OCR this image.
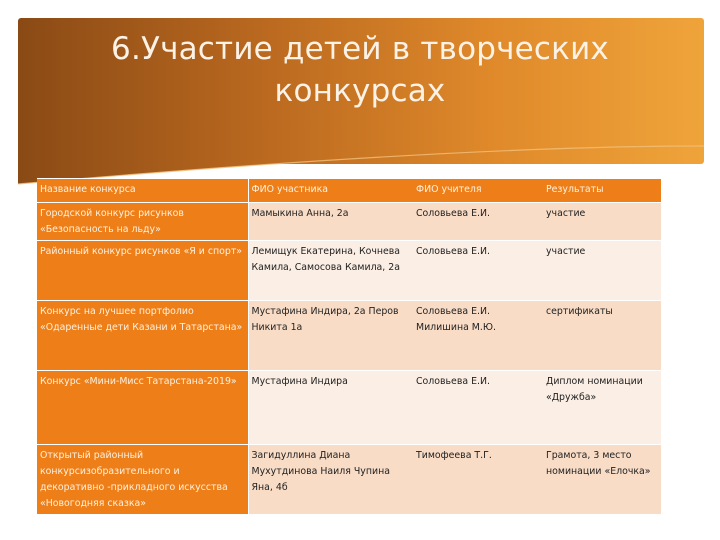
6.Участие детей в творческих
конкурсах
Название конкурса	ФИО участника	ФИО учителя	Результаты
Городской конкурс рисунков «Безопасность на льду»	Мамыкина Анна, 2а	Соловьева Е.И.	участие
Районный конкурс рисунков «Я и спорт»	Лемищук Екатерина, Кочнева Камила, Самосова Камила, 2а	Соловьева Е.И.	участие
Конкурс на лучшее портфолио «Одаренные дети Казани и Татарстана»	Мустафина Индира, 2а Перов Никита 1а	Соловьева Е.И. Милишина М.Ю.	сертификаты
Конкурс «Мини-Мисс Татарстана-2019»	Мустафина Индира	Соловьева Е.И.	Диплом номинации «Дружба»
Открытый районный конкурсизобразительного и декоративно -прикладного искусства «Новогодняя сказка»	Загидуллина Диана Мухутдинова Наиля Чупина Яна, 4б	Тимофеева Т.Г.	Грамота, 3 место номинации «Елочка»
